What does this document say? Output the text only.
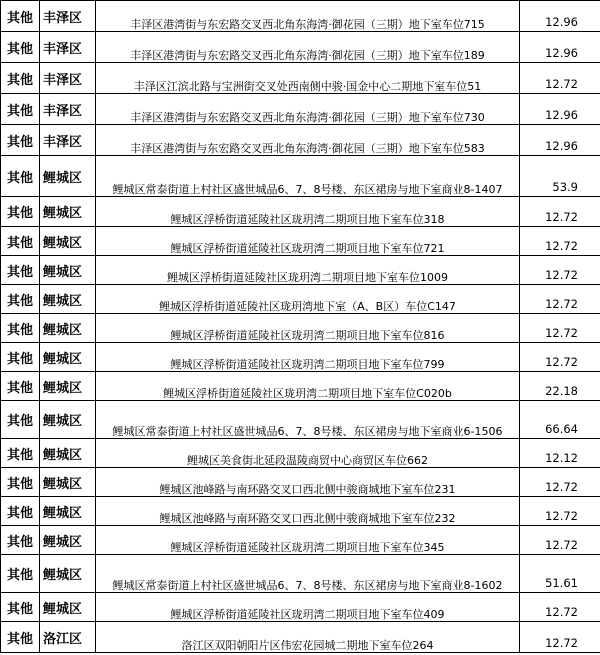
其他	丰泽区	丰泽区港湾街与东宏路交叉西北角东海湾·御花园（三期）地下室车位715	12.96
其他	丰泽区	丰泽区港湾街与东宏路交叉西北角东海湾·御花园（三期）地下室车位189	12.96
其他	丰泽区	丰泽区江滨北路与宝洲街交叉处西南侧中骏·国金中心二期地下室车位51	12.72
其他	丰泽区	丰泽区港湾街与东宏路交叉西北角东海湾·御花园（三期）地下室车位730	12.96
其他	丰泽区	丰泽区港湾街与东宏路交叉西北角东海湾·御花园（三期）地下室车位583	12.96
其他	鲤城区	鲤城区常泰街道上村社区盛世城品6、7、8号楼、东区裙房与地下室商业8-1407	53.9
其他	鲤城区	鲤城区浮桥街道延陵社区珑玥湾二期项目地下室车位318	12.72
其他	鲤城区	鲤城区浮桥街道延陵社区珑玥湾二期项目地下室车位721	12.72
其他	鲤城区	鲤城区浮桥街道延陵社区珑玥湾二期项目地下室车位1009	12.72
其他	鲤城区	鲤城区浮桥街道延陵社区珑玥湾地下室（A、B区）车位C147	12.72
其他	鲤城区	鲤城区浮桥街道延陵社区珑玥湾二期项目地下室车位816	12.72
其他	鲤城区	鲤城区浮桥街道延陵社区珑玥湾二期项目地下室车位799	12.72
其他	鲤城区	鲤城区浮桥街道延陵社区珑玥湾二期项目地下室车位C020b	22.18
其他	鲤城区	鲤城区常泰街道上村社区盛世城品6、7、8号楼、东区裙房与地下室商业6-1506	66.64
其他	鲤城区	鲤城区美食街北延段温陵商贸中心商贸区车位662	12.12
其他	鲤城区	鲤城区池峰路与南环路交叉口西北侧中骏商城地下室车位231	12.72
其他	鲤城区	鲤城区池峰路与南环路交叉口西北侧中骏商城地下室车位232	12.72
其他	鲤城区	鲤城区浮桥街道延陵社区珑玥湾二期项目地下室车位345	12.72
其他	鲤城区	鲤城区常泰街道上村社区盛世城品6、7、8号楼、东区裙房与地下室商业8-1602	51.61
其他	鲤城区	鲤城区浮桥街道延陵社区珑玥湾二期项目地下室车位409	12.72
其他	洛江区	洛江区双阳朝阳片区伟宏花园城二期地下室车位264	12.72
